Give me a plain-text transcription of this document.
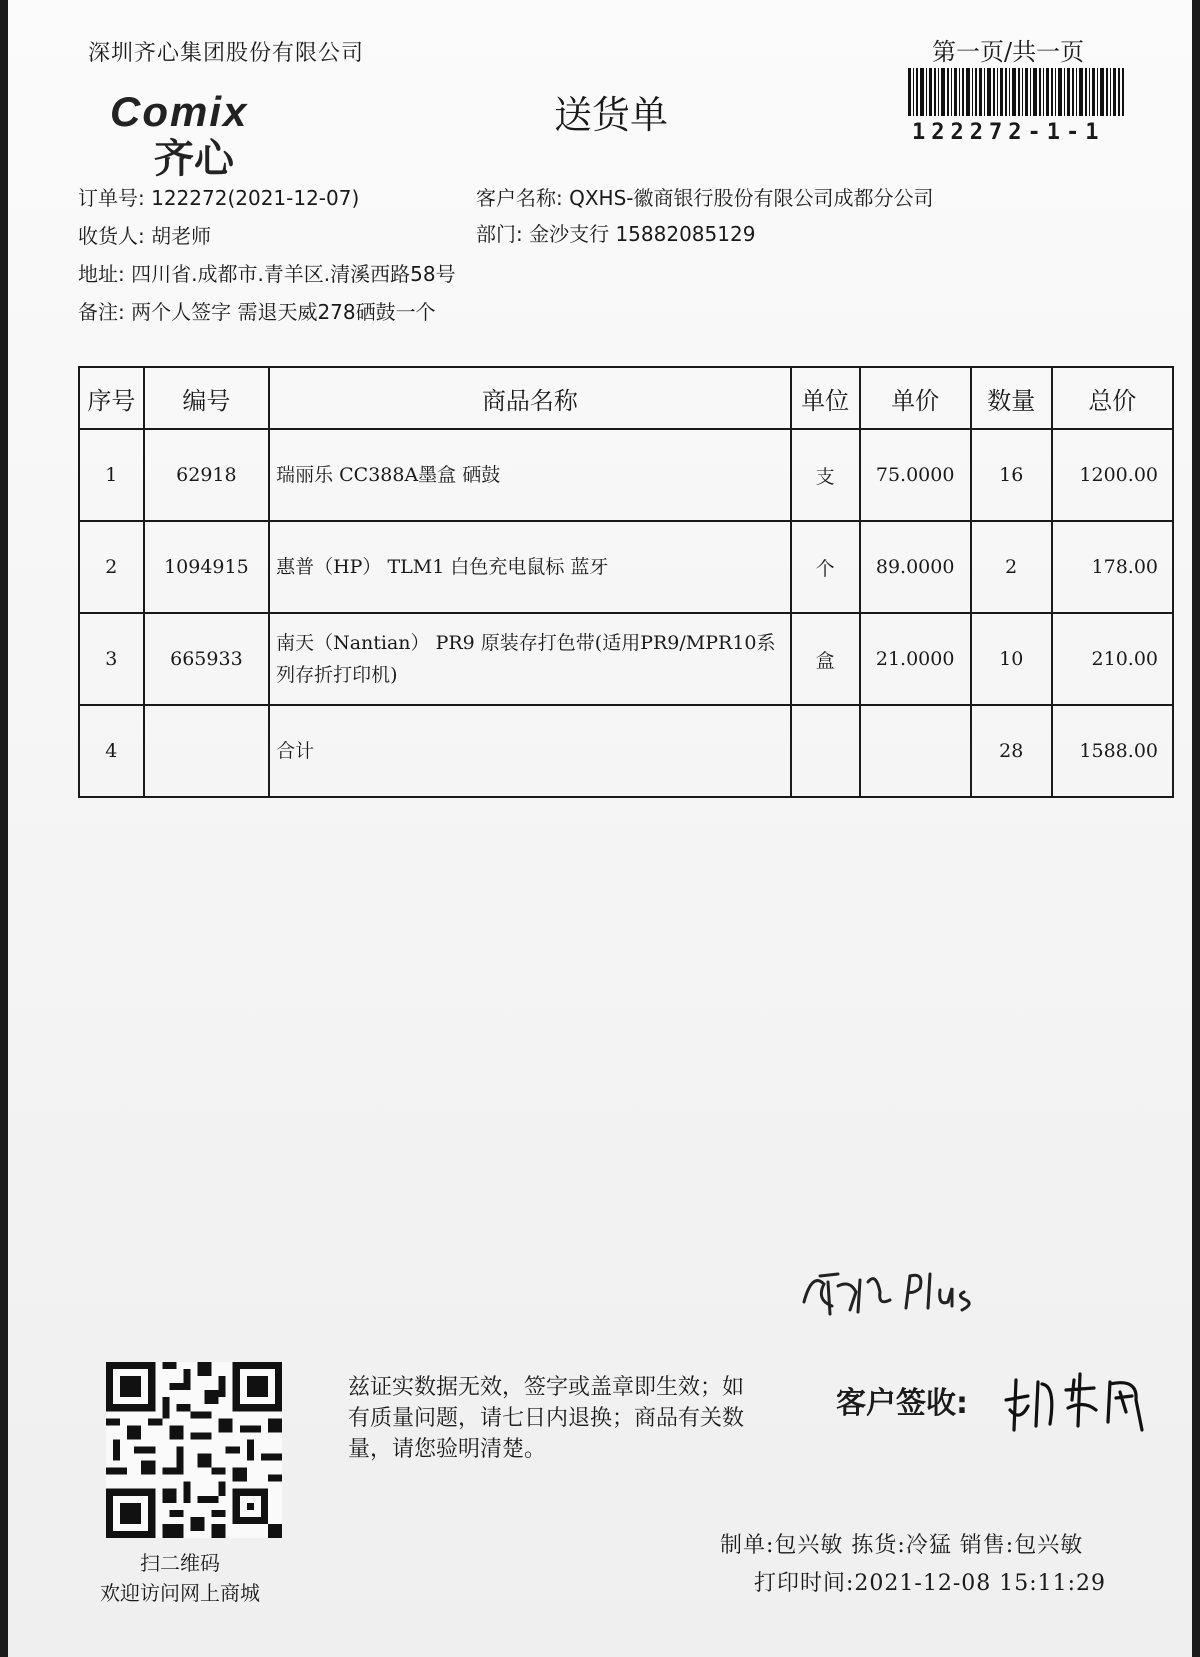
深圳齐心集团股份有限公司	第一页/共一页
122272-1-1
送货单
Comix
齐心
订单号: 122272(2021-12-07)	客户名称: QXHS-徽商银行股份有限公司成都分公司
收货人: 胡老师	部门: 金沙支行 15882085129
地址: 四川省.成都市.青羊区.清溪西路58号
备注: 两个人签字 需退天威278硒鼓一个
序号	编号	商品名称	单位	单价	数量	总价
1	62918	瑞丽乐 CC388A墨盒 硒鼓	支	75.0000	16	1200.00
2	1094915	惠普（HP） TLM1 白色充电鼠标 蓝牙	个	89.0000	2	178.00
3	665933	南天（Nantian） PR9 原装存打色带(适用PR9/MPR10系列存折打印机)	盒	21.0000	10	210.00
4		合计			28	1588.00
扫二维码
欢迎访问网上商城
兹证实数据无效，签字或盖章即生效；如有质量问题，请七日内退换；商品有关数量，请您验明清楚。
客户签收:
制单:包兴敏 拣货:冷猛 销售:包兴敏
打印时间:2021-12-08 15:11:29
